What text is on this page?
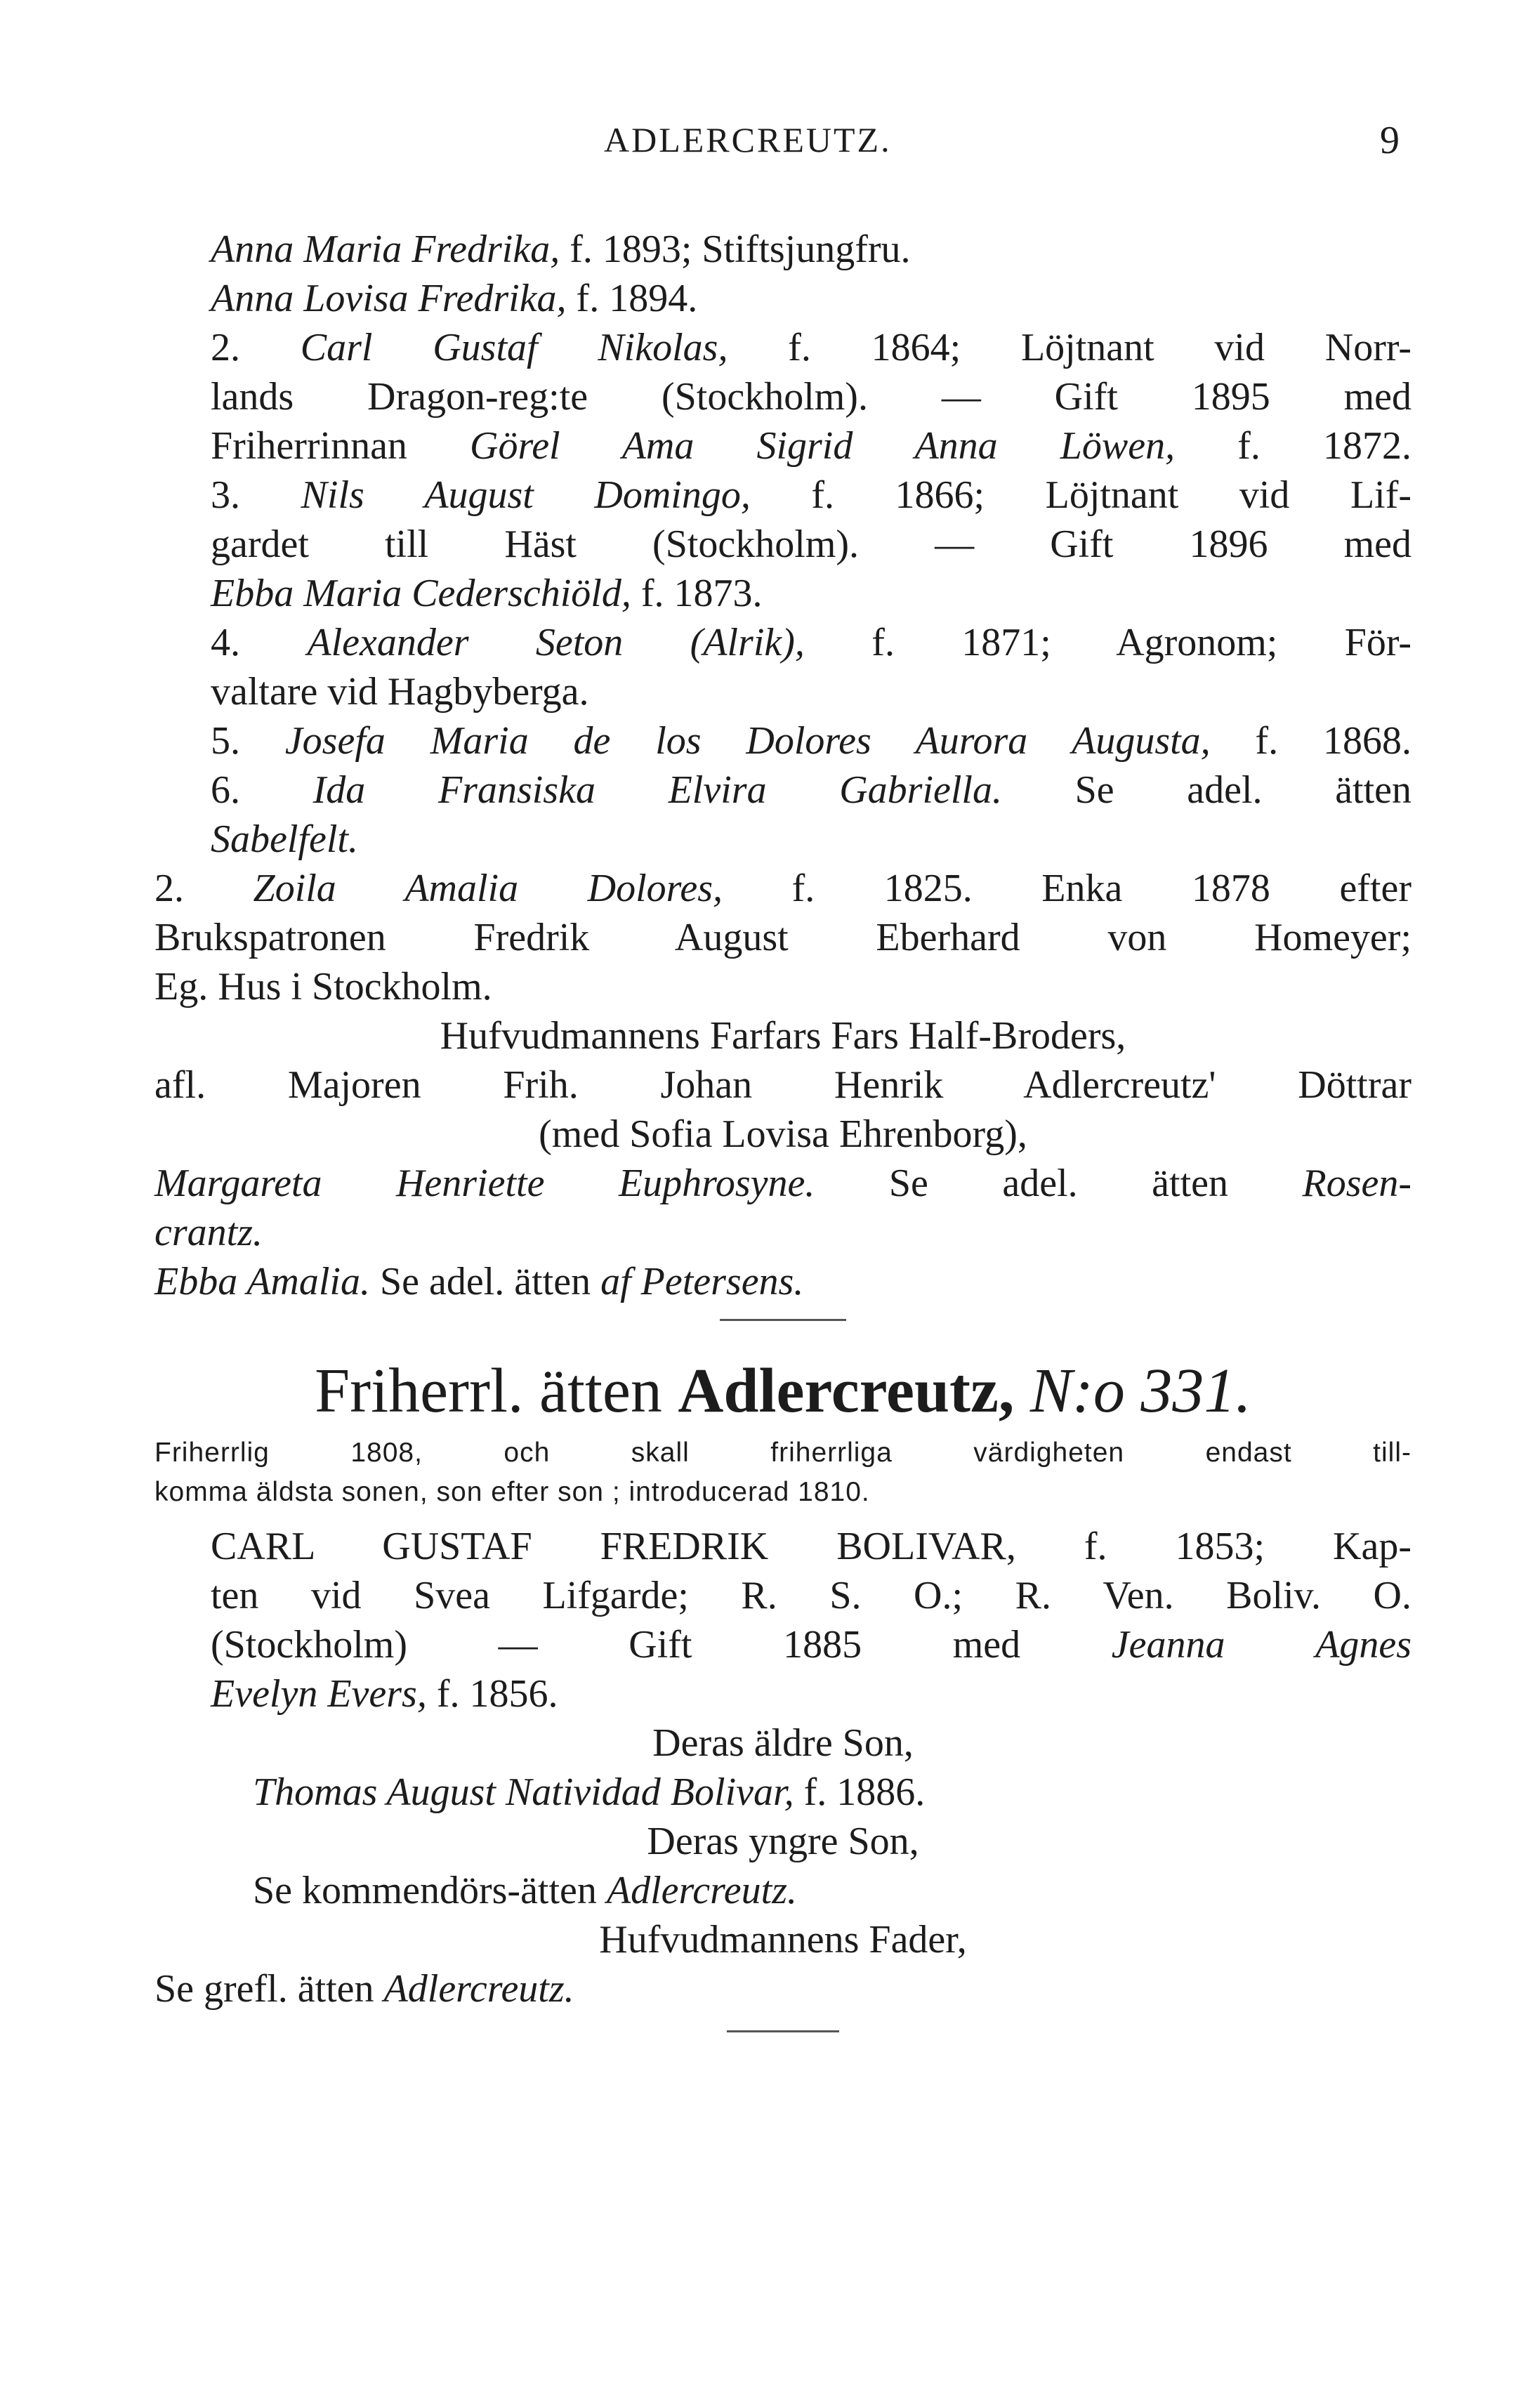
ADLERCREUTZ.	9
Anna Maria Fredrika, f. 1893; Stiftsjungfru.
Anna Lovisa Fredrika, f. 1894.
2. Carl Gustaf Nikolas, f. 1864; Löjtnant vid Norr-
lands Dragon-reg:te (Stockholm). — Gift 1895 med
Friherrinnan Görel Ama Sigrid Anna Löwen, f. 1872.
3. Nils August Domingo, f. 1866; Löjtnant vid Lif-
gardet till Häst (Stockholm). — Gift 1896 med
Ebba Maria Cederschiöld, f. 1873.
4. Alexander Seton (Alrik), f. 1871; Agronom; För-
valtare vid Hagbyberga.
5. Josefa Maria de los Dolores Aurora Augusta, f. 1868.
6. Ida Fransiska Elvira Gabriella. Se adel. ätten
Sabelfelt.
2. Zoila Amalia Dolores, f. 1825. Enka 1878 efter
Brukspatronen Fredrik August Eberhard von Homeyer;
Eg. Hus i Stockholm.
Hufvudmannens Farfars Fars Half-Broders,
afl. Majoren Frih. Johan Henrik Adlercreutz' Döttrar
(med Sofia Lovisa Ehrenborg),
Margareta Henriette Euphrosyne. Se adel. ätten Rosen-
crantz.
Ebba Amalia. Se adel. ätten af Petersens.
Friherrl. ätten Adlercreutz, N:o 331.
Friherrlig 1808, och skall friherrliga värdigheten endast till-
komma äldsta sonen, son efter son ; introducerad 1810.
CARL GUSTAF FREDRIK BOLIVAR, f. 1853; Kap-
ten vid Svea Lifgarde; R. S. O.; R. Ven. Boliv. O.
(Stockholm) — Gift 1885 med Jeanna Agnes
Evelyn Evers, f. 1856.
Deras äldre Son,
Thomas August Natividad Bolivar, f. 1886.
Deras yngre Son,
Se kommendörs-ätten Adlercreutz.
Hufvudmannens Fader,
Se grefl. ätten Adlercreutz.
